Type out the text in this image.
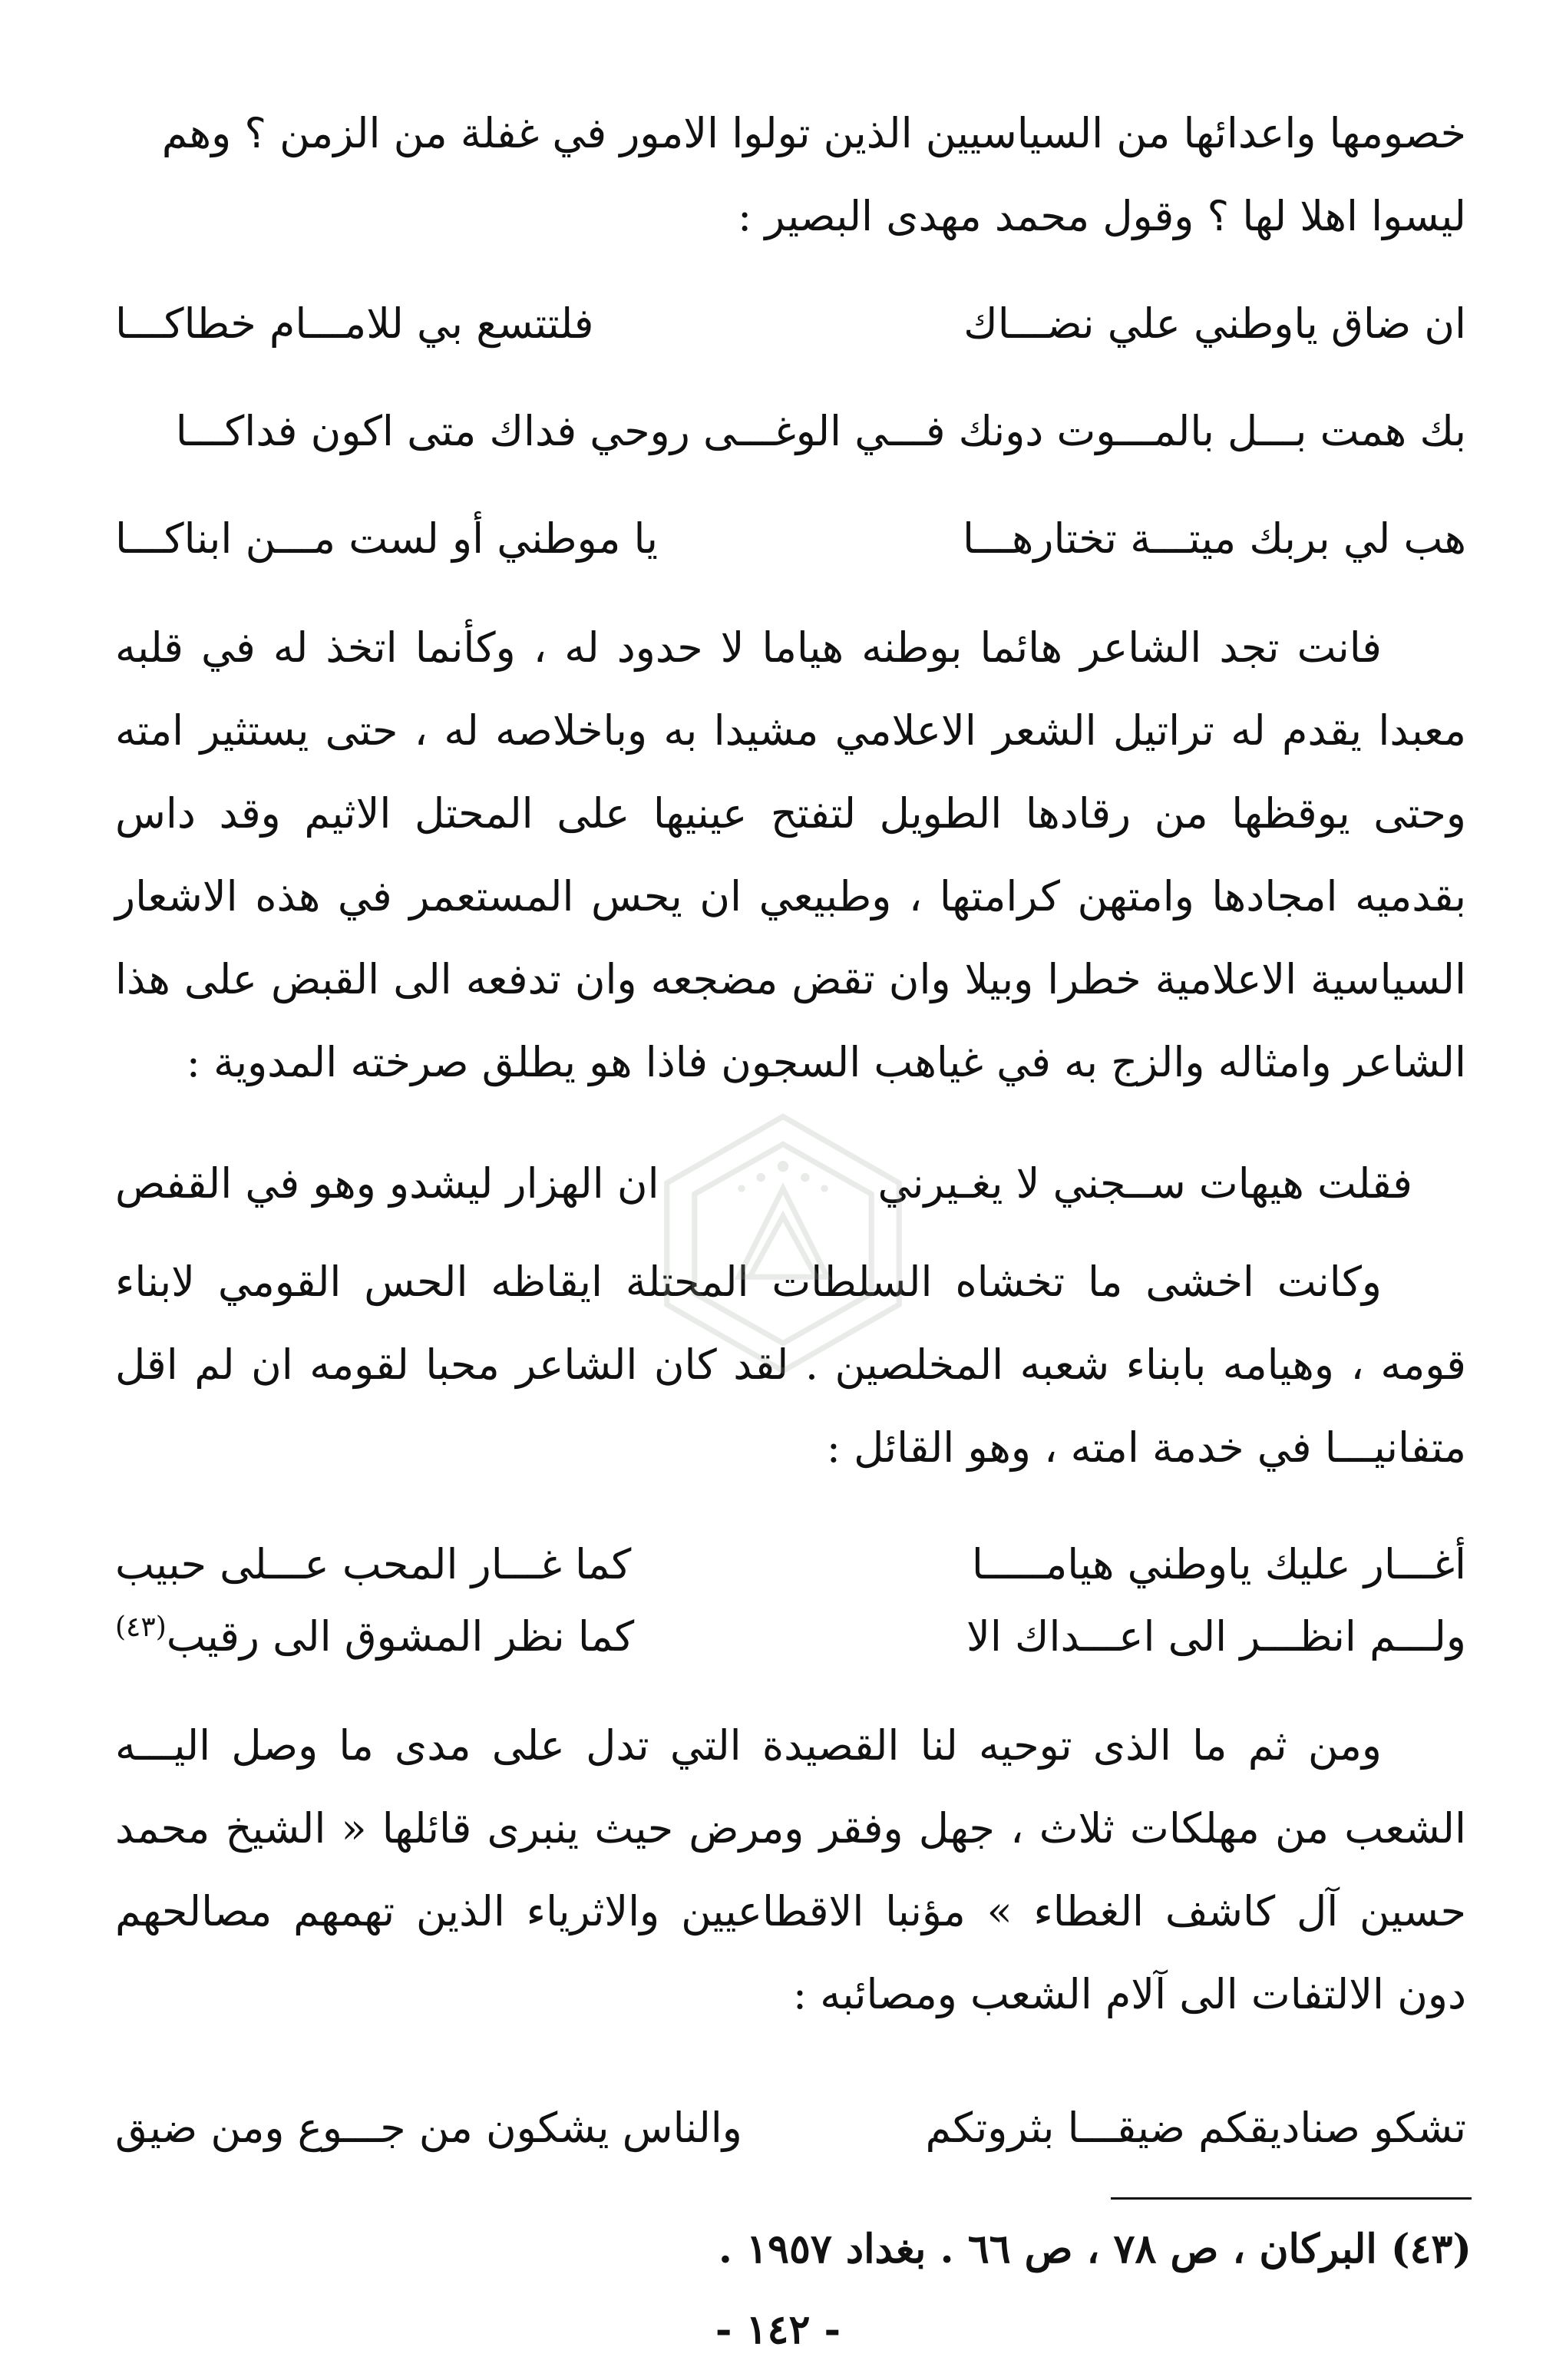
خصومها واعدائها من السياسيين الذين تولوا الامور في غفلة من الزمن ؟ وهم

ليسوا اهلا لها ؟ وقول محمد مهدى البصير :

ان ضاق ياوطني علي نضـــاك
فلتتسع بي للامـــام خطاكـــا
بك همت بـــل بالمـــوت دونك فـــي الوغـــى روحي فداك متى اكون فداكـــا
هب لي بربك ميتـــة تختارهـــا
يا موطني أو لست مـــن ابناكـــا

فانت تجد الشاعر هائما بوطنه هياما لا حدود له ، وكأنما اتخذ له في قلبه معبدا يقدم له تراتيل الشعر الاعلامي مشيدا به وباخلاصه له ، حتى يستثير امته وحتى يوقظها من رقادها الطويل لتفتح عينيها على المحتل الاثيم وقد داس بقدميه امجادها وامتهن كرامتها ، وطبيعي ان يحس المستعمر في هذه الاشعار السياسية الاعلامية خطرا وبيلا وان تقض مضجعه وان تدفعه الى القبض على هذا الشاعر وامثاله والزج به في غياهب السجون فاذا هو يطلق صرخته المدوية :

فقلت هيهات ســجني لا يغـيرني
ان الهزار ليشدو وهو في القفص

وكانت اخشى ما تخشاه السلطات المحتلة ايقاظه الحس القومي لابناء قومه ، وهيامه بابناء شعبه المخلصين . لقد كان الشاعر محبا لقومه ان لم اقل متفانيـــا في خدمة امته ، وهو القائل :

أغـــار عليك ياوطني هيامـــــا
كما غـــار المحب عـــلى حبيب
ولـــم انظـــر الى اعـــداك الا
كما نظر المشوق الى رقيب$^{(٤٣)}$

ومن ثم ما الذى توحيه لنا القصيدة التي تدل على مدى ما وصل اليـــه الشعب من مهلكات ثلاث ، جهل وفقر ومرض حيث ينبرى قائلها « الشيخ محمد حسين آل كاشف الغطاء » مؤنبا الاقطاعيين والاثرياء الذين تهمهم مصالحهم دون الالتفات الى آلام الشعب ومصائبه :

تشكو صناديقكم ضيقـــا بثروتكم
والناس يشكون من جـــوع ومن ضيق
(٤٣) البركان ، ص ٧٨ ، ص ٦٦ . بغداد ١٩٥٧ .
- ١٤٢ -
